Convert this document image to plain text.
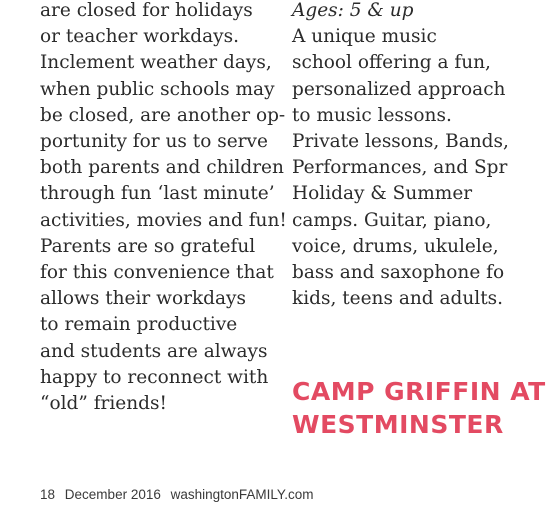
are closed for holidays
or teacher workdays.
Inclement weather days,
when public schools may
be closed, are another op-
portunity for us to serve
both parents and children
through fun ‘last minute’
activities, movies and fun!
Parents are so grateful
for this convenience that
allows their workdays
to remain productive
and students are always
happy to reconnect with
“old” friends!
Ages: 5 & up
A unique music
school offering a fun,
personalized approach
to music lessons.
Private lessons, Bands,
Performances, and Spr
Holiday & Summer
camps. Guitar, piano,
voice, drums, ukulele,
bass and saxophone fo
kids, teens and adults.
CAMP GRIFFIN AT
WESTMINSTER
18 December 2016 washingtonFAMILY.com
